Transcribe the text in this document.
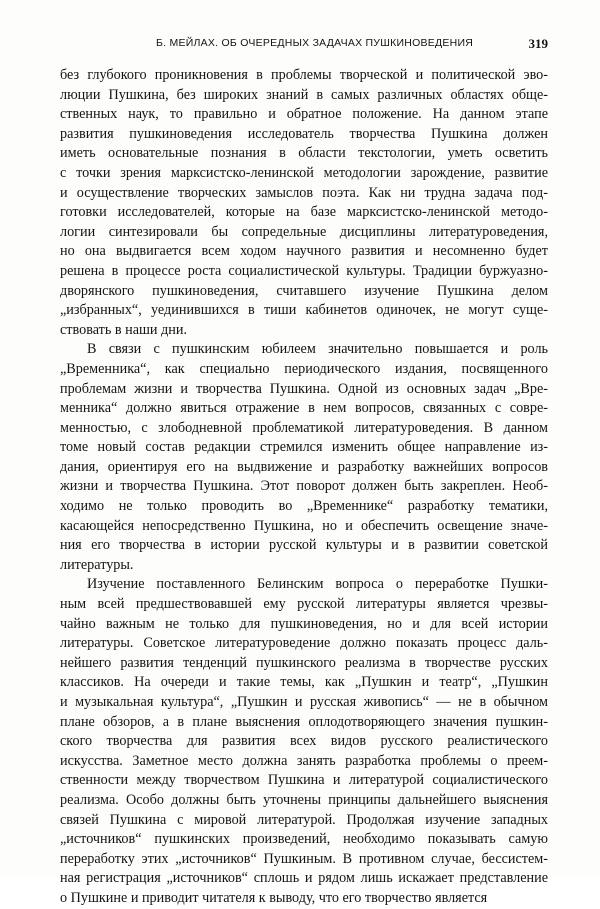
Б. МЕЙЛАХ. ОБ ОЧЕРЕДНЫХ ЗАДАЧАХ ПУШКИНОВЕДЕНИЯ	319
без глубокого проникновения в проблемы творческой и политической эво-
люции Пушкина, без широких знаний в самых различных областях обще-
ственных наук, то правильно и обратное положение. На данном этапе
развития пушкиноведения исследователь творчества Пушкина должен
иметь основательные познания в области текстологии, уметь осветить
с точки зрения марксистско-ленинской методологии зарождение, развитие
и осуществление творческих замыслов поэта. Как ни трудна задача под-
готовки исследователей, которые на базе марксистско-ленинской методо-
логии синтезировали бы сопредельные дисциплины литературоведения,
но она выдвигается всем ходом научного развития и несомненно будет
решена в процессе роста социалистической культуры. Традиции буржуазно-
дворянского пушкиноведения, считавшего изучение Пушкина делом
„избранных“, уединившихся в тиши кабинетов одиночек, не могут суще-
ствовать в наши дни.
В связи с пушкинским юбилеем значительно повышается и роль
„Временника“, как специально периодического издания, посвященного
проблемам жизни и творчества Пушкина. Одной из основных задач „Вре-
менника“ должно явиться отражение в нем вопросов, связанных с совре-
менностью, с злободневной проблематикой литературоведения. В данном
томе новый состав редакции стремился изменить общее направление из-
дания, ориентируя его на выдвижение и разработку важнейших вопросов
жизни и творчества Пушкина. Этот поворот должен быть закреплен. Необ-
ходимо не только проводить во „Временнике“ разработку тематики,
касающейся непосредственно Пушкина, но и обеспечить освещение значе-
ния его творчества в истории русской культуры и в развитии советской
литературы.
Изучение поставленного Белинским вопроса о переработке Пушки-
ным всей предшествовавшей ему русской литературы является чрезвы-
чайно важным не только для пушкиноведения, но и для всей истории
литературы. Советское литературоведение должно показать процесс даль-
нейшего развития тенденций пушкинского реализма в творчестве русских
классиков. На очереди и такие темы, как „Пушкин и театр“, „Пушкин
и музыкальная культура“, „Пушкин и русская живопись“ — не в обычном
плане обзоров, а в плане выяснения оплодотворяющего значения пушкин-
ского творчества для развития всех видов русского реалистического
искусства. Заметное место должна занять разработка проблемы о преем-
ственности между творчеством Пушкина и литературой социалистического
реализма. Особо должны быть уточнены принципы дальнейшего выяснения
связей Пушкина с мировой литературой. Продолжая изучение западных
„источников“ пушкинских произведений, необходимо показывать самую
переработку этих „источников“ Пушкиным. В противном случае, бессистем-
ная регистрация „источников“ сплошь и рядом лишь искажает представление
о Пушкине и приводит читателя к выводу, что его творчество является
